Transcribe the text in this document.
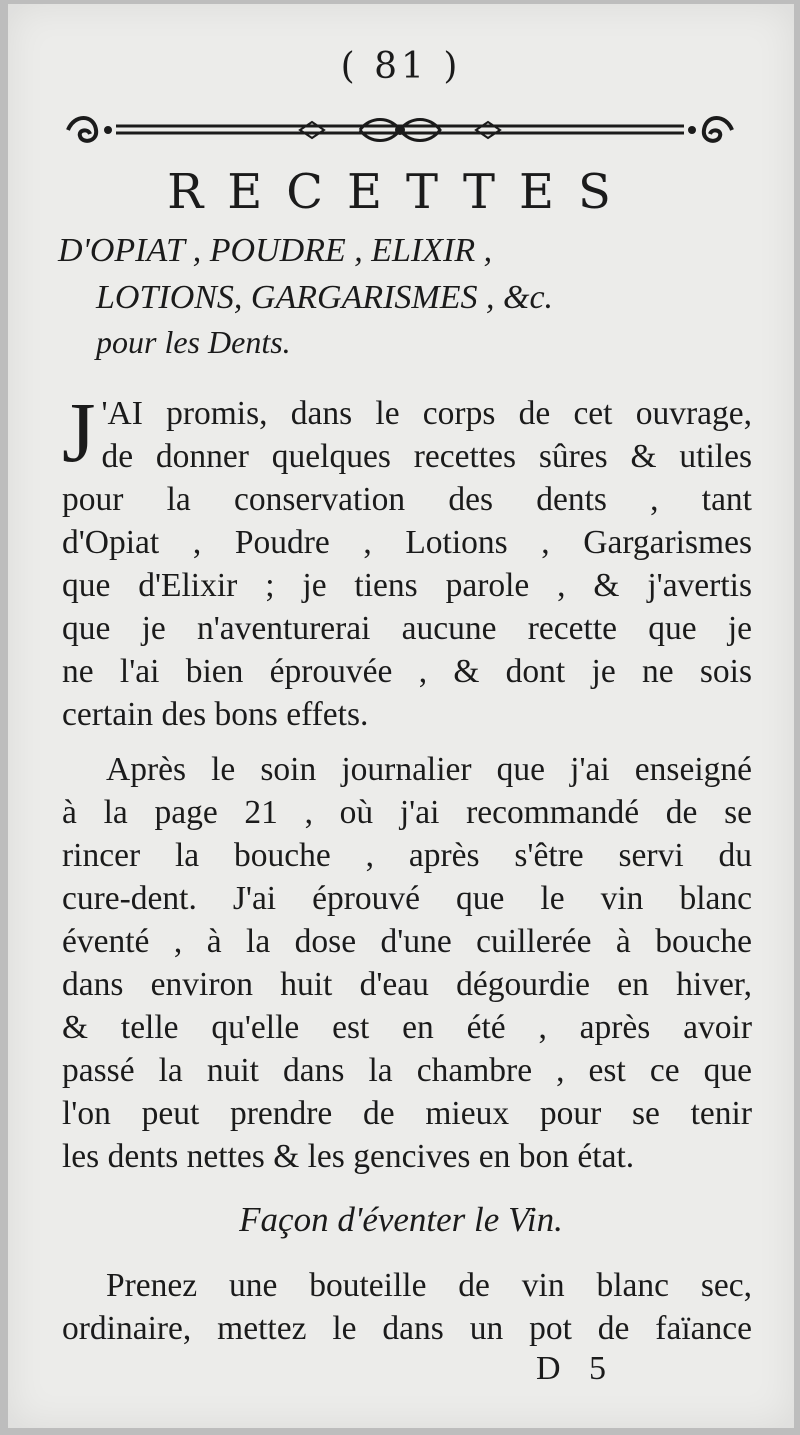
( 81 )
RECETTES
D'OPIAT , POUDRE , ELIXIR ,
LOTIONS, GARGARISMES , &c.
pour les Dents.
J 'AI promis, dans le corps de cet ouvrage,
de donner quelques recettes sûres & utiles
pour la conservation des dents , tant
d'Opiat , Poudre , Lotions , Gargarismes
que d'Elixir ; je tiens parole , & j'avertis
que je n'aventurerai aucune recette que je
ne l'ai bien éprouvée , & dont je ne sois
certain des bons effets.
Après le soin journalier que j'ai enseigné
à la page 21 , où j'ai recommandé de se
rincer la bouche , après s'être servi du
cure-dent. J'ai éprouvé que le vin blanc
éventé , à la dose d'une cuillerée à bouche
dans environ huit d'eau dégourdie en hiver,
& telle qu'elle est en été , après avoir
passé la nuit dans la chambre , est ce que
l'on peut prendre de mieux pour se tenir
les dents nettes & les gencives en bon état.
Façon d'éventer le Vin.
Prenez une bouteille de vin blanc sec,
ordinaire, mettez le dans un pot de faïance
D 5
